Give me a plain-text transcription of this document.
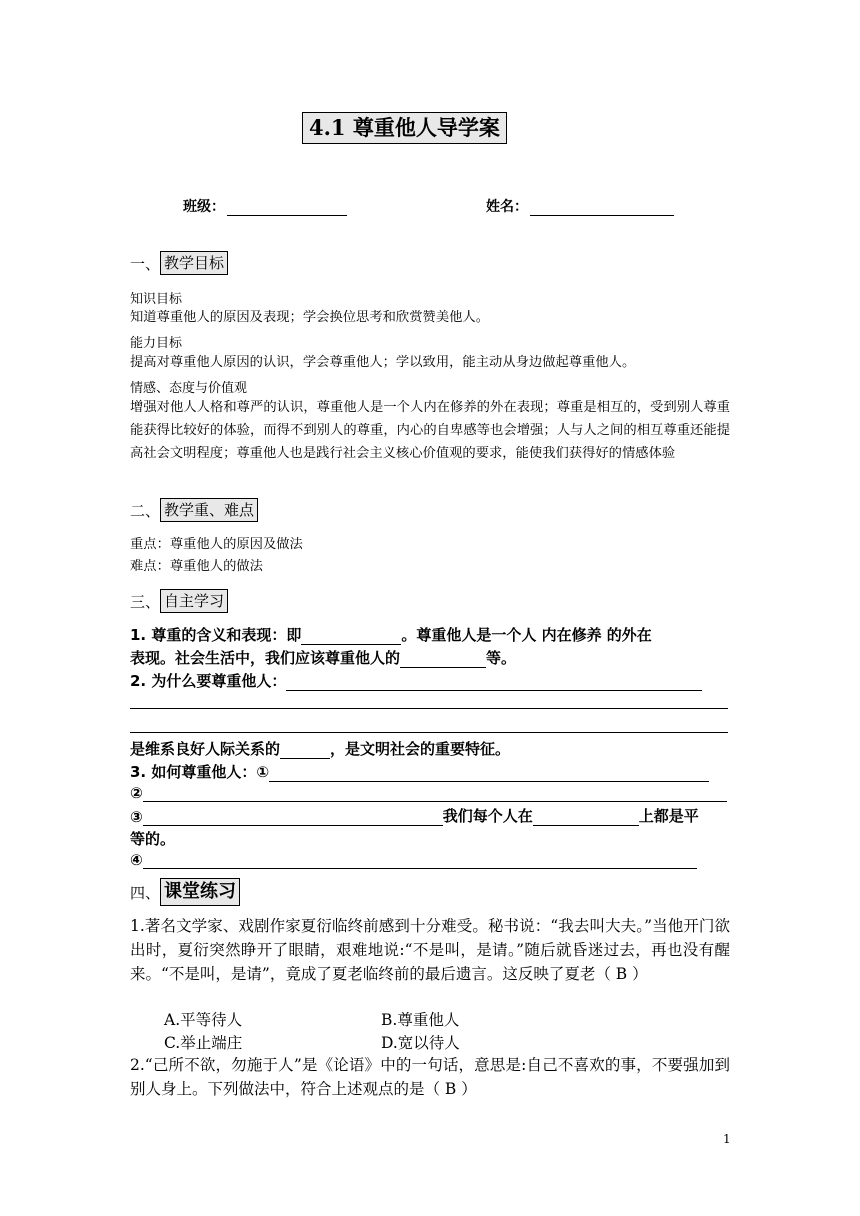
4.1 尊重他人导学案
班级：	姓名：
一、 教学目标
知识目标
知道尊重他人的原因及表现；学会换位思考和欣赏赞美他人。
能力目标
提高对尊重他人原因的认识，学会尊重他人；学以致用，能主动从身边做起尊重他人。
情感、态度与价值观
增强对他人人格和尊严的认识，尊重他人是一个人内在修养的外在表现；尊重是相互的，受到别人尊重能获得比较好的体验，而得不到别人的尊重，内心的自卑感等也会增强；人与人之间的相互尊重还能提高社会文明程度；尊重他人也是践行社会主义核心价值观的要求，能使我们获得好的情感体验
二、 教学重、难点
重点：尊重他人的原因及做法
难点：尊重他人的做法
三、 自主学习
1. 尊重的含义和表现：即	。尊重他人是一个人 内在修养 的外在
表现。社会生活中，我们应该尊重他人的	等。
2. 为什么要尊重他人：
是维系良好人际关系的	，是文明社会的重要特征。
3. 如何尊重他人：①
②
③	我们每个人在	上都是平
等的。
④
四、 课堂练习
1.著名文学家、戏剧作家夏衍临终前感到十分难受。秘书说：“我去叫大夫。”当他开门欲出时，夏衍突然睁开了眼睛，艰难地说:“不是叫，是请。”随后就昏迷过去，再也没有醒来。“不是叫，是请”，竟成了夏老临终前的最后遗言。这反映了夏老（ B ）
A.平等待人	B.尊重他人
C.举止端庄	D.宽以待人
2.“己所不欲，勿施于人”是《论语》中的一句话，意思是:自己不喜欢的事，不要强加到别人身上。下列做法中，符合上述观点的是（ B ）
1
